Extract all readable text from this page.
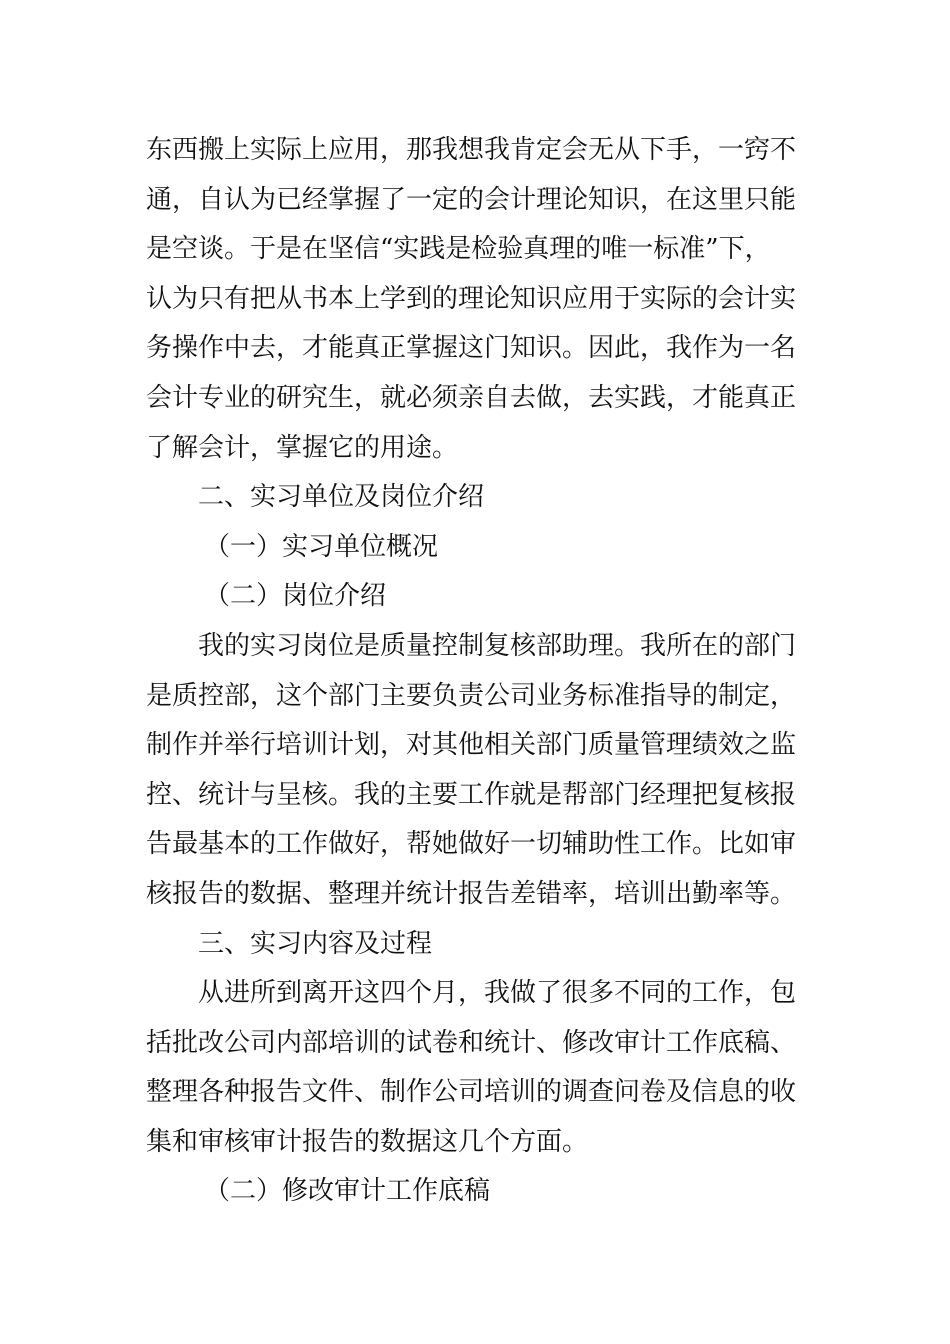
东西搬上实际上应用，那我想我肯定会无从下手，一窍不
通，自认为已经掌握了一定的会计理论知识，在这里只能
是空谈。于是在坚信“实践是检验真理的唯一标准”下，
认为只有把从书本上学到的理论知识应用于实际的会计实
务操作中去，才能真正掌握这门知识。因此，我作为一名
会计专业的研究生，就必须亲自去做，去实践，才能真正
了解会计，掌握它的用途。
二、实习单位及岗位介绍
（一）实习单位概况
（二）岗位介绍
我的实习岗位是质量控制复核部助理。我所在的部门
是质控部，这个部门主要负责公司业务标准指导的制定，
制作并举行培训计划，对其他相关部门质量管理绩效之监
控、统计与呈核。我的主要工作就是帮部门经理把复核报
告最基本的工作做好，帮她做好一切辅助性工作。比如审
核报告的数据、整理并统计报告差错率，培训出勤率等。
三、实习内容及过程
从进所到离开这四个月，我做了很多不同的工作，包
括批改公司内部培训的试卷和统计、修改审计工作底稿、
整理各种报告文件、制作公司培训的调查问卷及信息的收
集和审核审计报告的数据这几个方面。
（二）修改审计工作底稿
